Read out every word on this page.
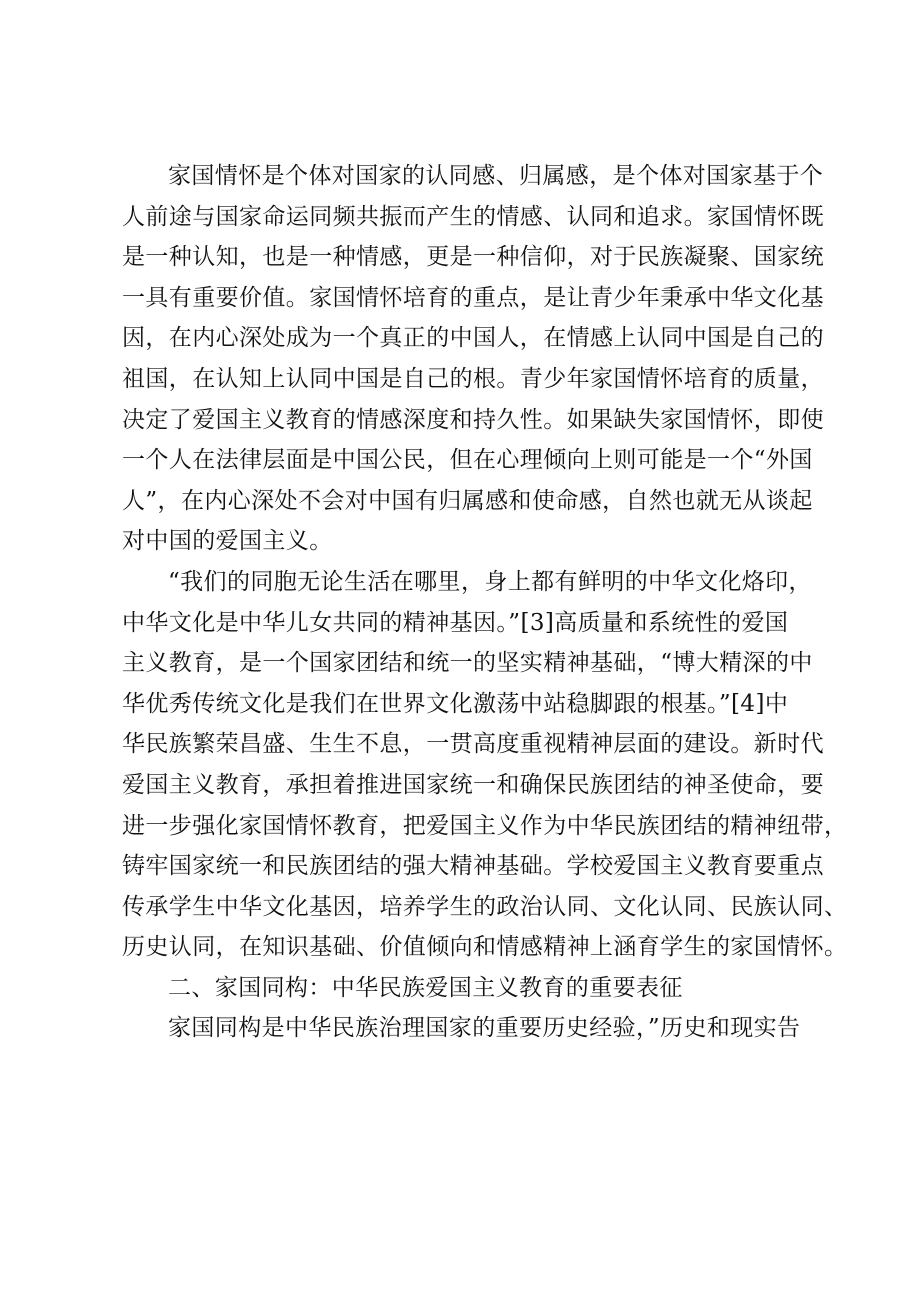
家国情怀是个体对国家的认同感、归属感，是个体对国家基于个
人前途与国家命运同频共振而产生的情感、认同和追求。家国情怀既
是一种认知，也是一种情感，更是一种信仰，对于民族凝聚、国家统
一具有重要价值。家国情怀培育的重点，是让青少年秉承中华文化基
因，在内心深处成为一个真正的中国人，在情感上认同中国是自己的
祖国，在认知上认同中国是自己的根。青少年家国情怀培育的质量，
决定了爱国主义教育的情感深度和持久性。如果缺失家国情怀，即使
一个人在法律层面是中国公民，但在心理倾向上则可能是一个“外国
人”，在内心深处不会对中国有归属感和使命感，自然也就无从谈起
对中国的爱国主义。
“我们的同胞无论生活在哪里，身上都有鲜明的中华文化烙印，
中华文化是中华儿女共同的精神基因。”[3]高质量和系统性的爱国
主义教育，是一个国家团结和统一的坚实精神基础，“博大精深的中
华优秀传统文化是我们在世界文化激荡中站稳脚跟的根基。”[4]中
华民族繁荣昌盛、生生不息，一贯高度重视精神层面的建设。新时代
爱国主义教育，承担着推进国家统一和确保民族团结的神圣使命，要
进一步强化家国情怀教育，把爱国主义作为中华民族团结的精神纽带，
铸牢国家统一和民族团结的强大精神基础。学校爱国主义教育要重点
传承学生中华文化基因，培养学生的政治认同、文化认同、民族认同、
历史认同，在知识基础、价值倾向和情感精神上涵育学生的家国情怀。
二、家国同构：中华民族爱国主义教育的重要表征
家国同构是中华民族治理国家的重要历史经验，”历史和现实告
